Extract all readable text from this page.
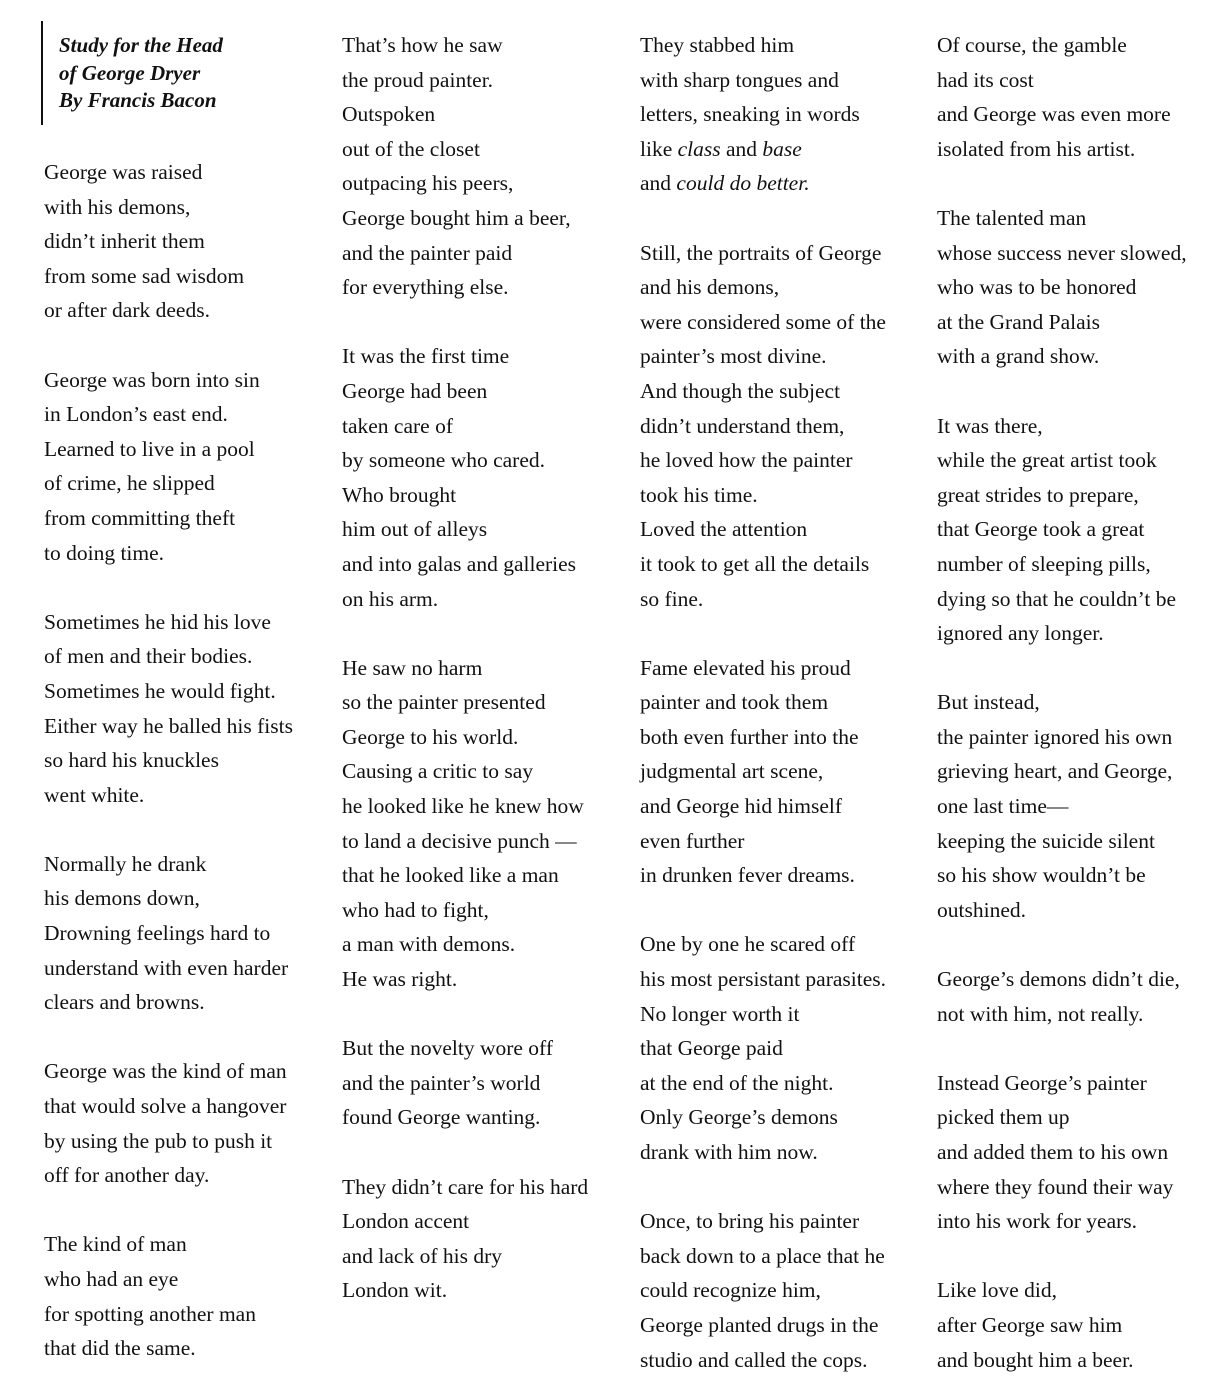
Study for the Head
of George Dryer
By Francis Bacon
George was raised
with his demons,
didn’t inherit them
from some sad wisdom
or after dark deeds.
George was born into sin
in London’s east end.
Learned to live in a pool
of crime, he slipped
from committing theft
to doing time.
Sometimes he hid his love
of men and their bodies.
Sometimes he would fight.
Either way he balled his fists
so hard his knuckles
went white.
Normally he drank
his demons down,
Drowning feelings hard to
understand with even harder
clears and browns.
George was the kind of man
that would solve a hangover
by using the pub to push it
off for another day.
The kind of man
who had an eye
for spotting another man
that did the same.
That’s how he saw
the proud painter.
Outspoken
out of the closet
outpacing his peers,
George bought him a beer,
and the painter paid
for everything else.
It was the first time
George had been
taken care of
by someone who cared.
Who brought
him out of alleys
and into galas and galleries
on his arm.
He saw no harm
so the painter presented
George to his world.
Causing a critic to say
he looked like he knew how
to land a decisive punch —
that he looked like a man
who had to fight,
a man with demons.
He was right.
But the novelty wore off
and the painter’s world
found George wanting.
They didn’t care for his hard
London accent
and lack of his dry
London wit.
They stabbed him
with sharp tongues and
letters, sneaking in words
like class and base
and could do better.
Still, the portraits of George
and his demons,
were considered some of the
painter’s most divine.
And though the subject
didn’t understand them,
he loved how the painter
took his time.
Loved the attention
it took to get all the details
so fine.
Fame elevated his proud
painter and took them
both even further into the
judgmental art scene,
and George hid himself
even further
in drunken fever dreams.
One by one he scared off
his most persistant parasites.
No longer worth it
that George paid
at the end of the night.
Only George’s demons
drank with him now.
Once, to bring his painter
back down to a place that he
could recognize him,
George planted drugs in the
studio and called the cops.
Of course, the gamble
had its cost
and George was even more
isolated from his artist.
The talented man
whose success never slowed,
who was to be honored
at the Grand Palais
with a grand show.
It was there,
while the great artist took
great strides to prepare,
that George took a great
number of sleeping pills,
dying so that he couldn’t be
ignored any longer.
But instead,
the painter ignored his own
grieving heart, and George,
one last time—
keeping the suicide silent
so his show wouldn’t be
outshined.
George’s demons didn’t die,
not with him, not really.
Instead George’s painter
picked them up
and added them to his own
where they found their way
into his work for years.
Like love did,
after George saw him
and bought him a beer.
